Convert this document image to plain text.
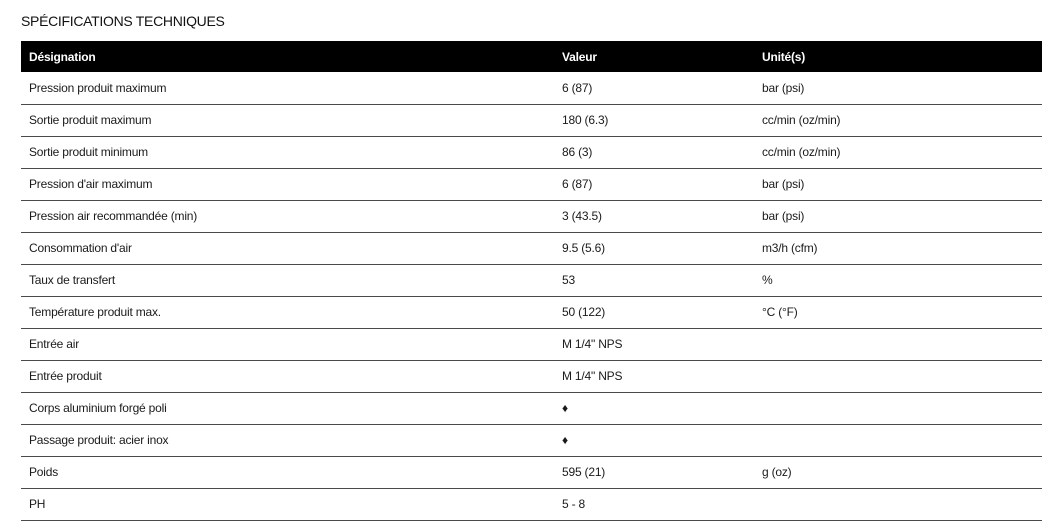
SPÉCIFICATIONS TECHNIQUES
Désignation	Valeur	Unité(s)
Pression produit maximum	6 (87)	bar (psi)
Sortie produit maximum	180 (6.3)	cc/min (oz/min)
Sortie produit minimum	86 (3)	cc/min (oz/min)
Pression d'air maximum	6 (87)	bar (psi)
Pression air recommandée (min)	3 (43.5)	bar (psi)
Consommation d'air	9.5 (5.6)	m3/h (cfm)
Taux de transfert	53	%
Température produit max.	50 (122)	°C (°F)
Entrée air	M 1/4" NPS	
Entrée produit	M 1/4" NPS	
Corps aluminium forgé poli	♦	
Passage produit: acier inox	♦	
Poids	595 (21)	g (oz)
PH	5 - 8	
